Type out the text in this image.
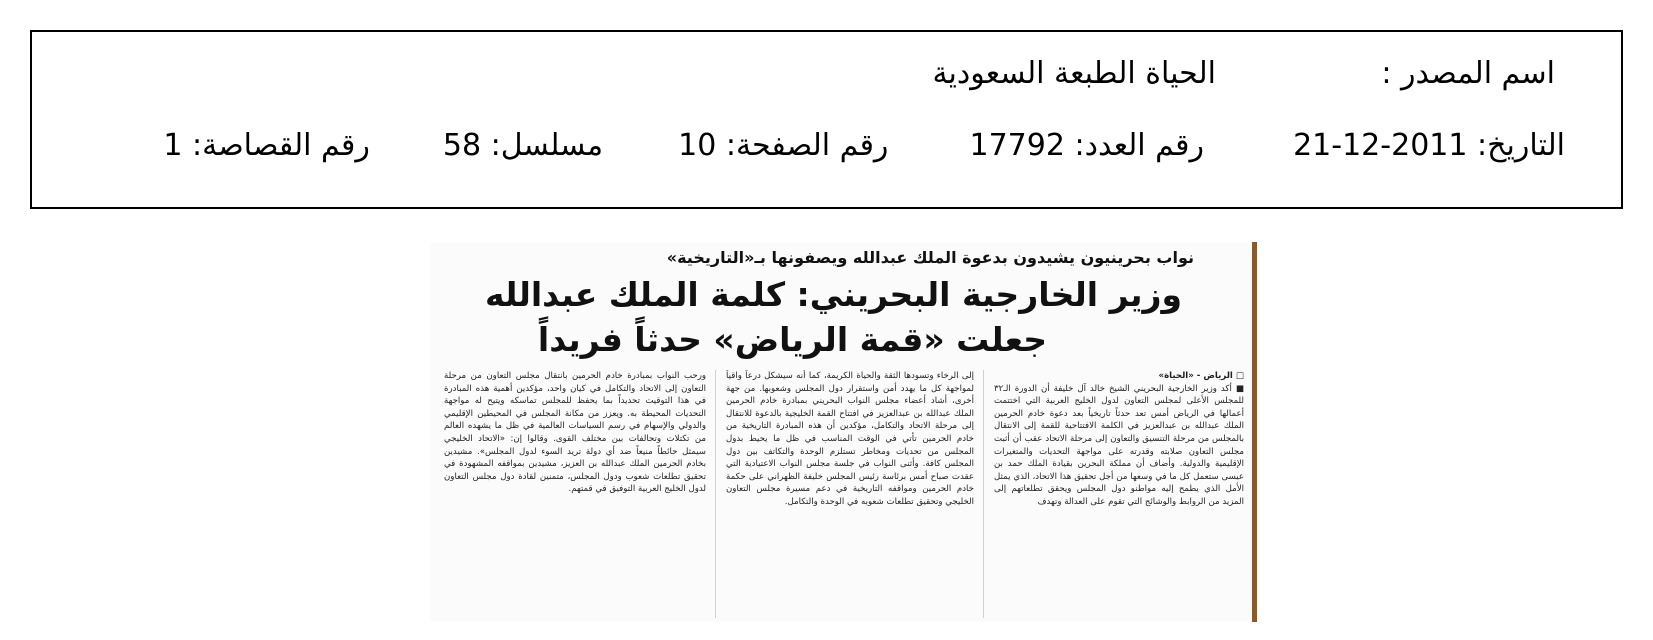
اسم المصدر :
الحياة الطبعة السعودية
التاريخ: 2011-12-21  رقم العدد: 17792  رقم الصفحة: 10  مسلسل: 58  رقم القصاصة: 1
نواب بحرينيون يشيدون بدعوة الملك عبدالله ويصفونها بـ«التاريخية»
وزير الخارجية البحريني: كلمة الملك عبدالله
جعلت «قمة الرياض» حدثاً فريداً

□ الرياض - «الحياة»

■ أكد وزير الخارجية البحريني الشيخ خالد آل خليفة أن الدورة الـ٣٢ للمجلس الأعلى لمجلس التعاون لدول الخليج العربية التي اختتمت أعمالها في الرياض أمس تعد حدثاً تاريخياً بعد دعوة خادم الحرمين الملك عبدالله بن عبدالعزيز في الكلمة الافتتاحية للقمة إلى الانتقال بالمجلس من مرحلة التنسيق والتعاون إلى مرحلة الاتحاد عقب أن أثبت مجلس التعاون صلابته وقدرته على مواجهة التحديات والمتغيرات الإقليمية والدولية. وأضاف أن مملكة البحرين بقيادة الملك حمد بن عيسى ستعمل كل ما في وسعها من أجل تحقيق هذا الاتحاد، الذي يمثل الأمل الذي يطمح إليه مواطنو دول المجلس ويحقق تطلعاتهم إلى المزيد من الروابط والوشائج التي تقوم على العدالة وتهدف

إلى الرخاء وتسودها الثقة والحياة الكريمة، كما أنه سيشكل درعاً واقياً لمواجهة كل ما يهدد أمن واستقرار دول المجلس وشعوبها. من جهة أخرى، أشاد أعضاء مجلس النواب البحريني بمبادرة خادم الحرمين الملك عبدالله بن عبدالعزيز في افتتاح القمة الخليجية بالدعوة للانتقال إلى مرحلة الاتحاد والتكامل، مؤكدين أن هذه المبادرة التاريخية من خادم الحرمين تأتي في الوقت المناسب في ظل ما يحيط بدول المجلس من تحديات ومخاطر تستلزم الوحدة والتكاتف بين دول المجلس كافة. وأثنى النواب في جلسة مجلس النواب الاعتيادية التي عقدت صباح أمس برئاسة رئيس المجلس خليفة الظهراني على حكمة خادم الحرمين ومواقفه التاريخية في دعم مسيرة مجلس التعاون الخليجي وتحقيق تطلعات شعوبه في الوحدة والتكامل.

ورحب النواب بمبادرة خادم الحرمين بانتقال مجلس التعاون من مرحلة التعاون إلى الاتحاد والتكامل في كيان واحد، مؤكدين أهمية هذه المبادرة في هذا التوقيت تحديداً بما يحفظ للمجلس تماسكه ويتيح له مواجهة التحديات المحيطة به. ويعزز من مكانة المجلس في المحيطين الإقليمي والدولي والإسهام في رسم السياسات العالمية في ظل ما يشهده العالم من تكتلات وتحالفات بين مختلف القوى. وقالوا إن: «الاتحاد الخليجي سيمثل حائطاً منيعاً ضد أي دولة تريد السوء لدول المجلس». مشيدين بخادم الحرمين الملك عبدالله بن العزيز، مشيدين بمواقفه المشهودة في تحقيق تطلعات شعوب ودول المجلس، متمنين لقادة دول مجلس التعاون لدول الخليج العربية التوفيق في قمتهم.
